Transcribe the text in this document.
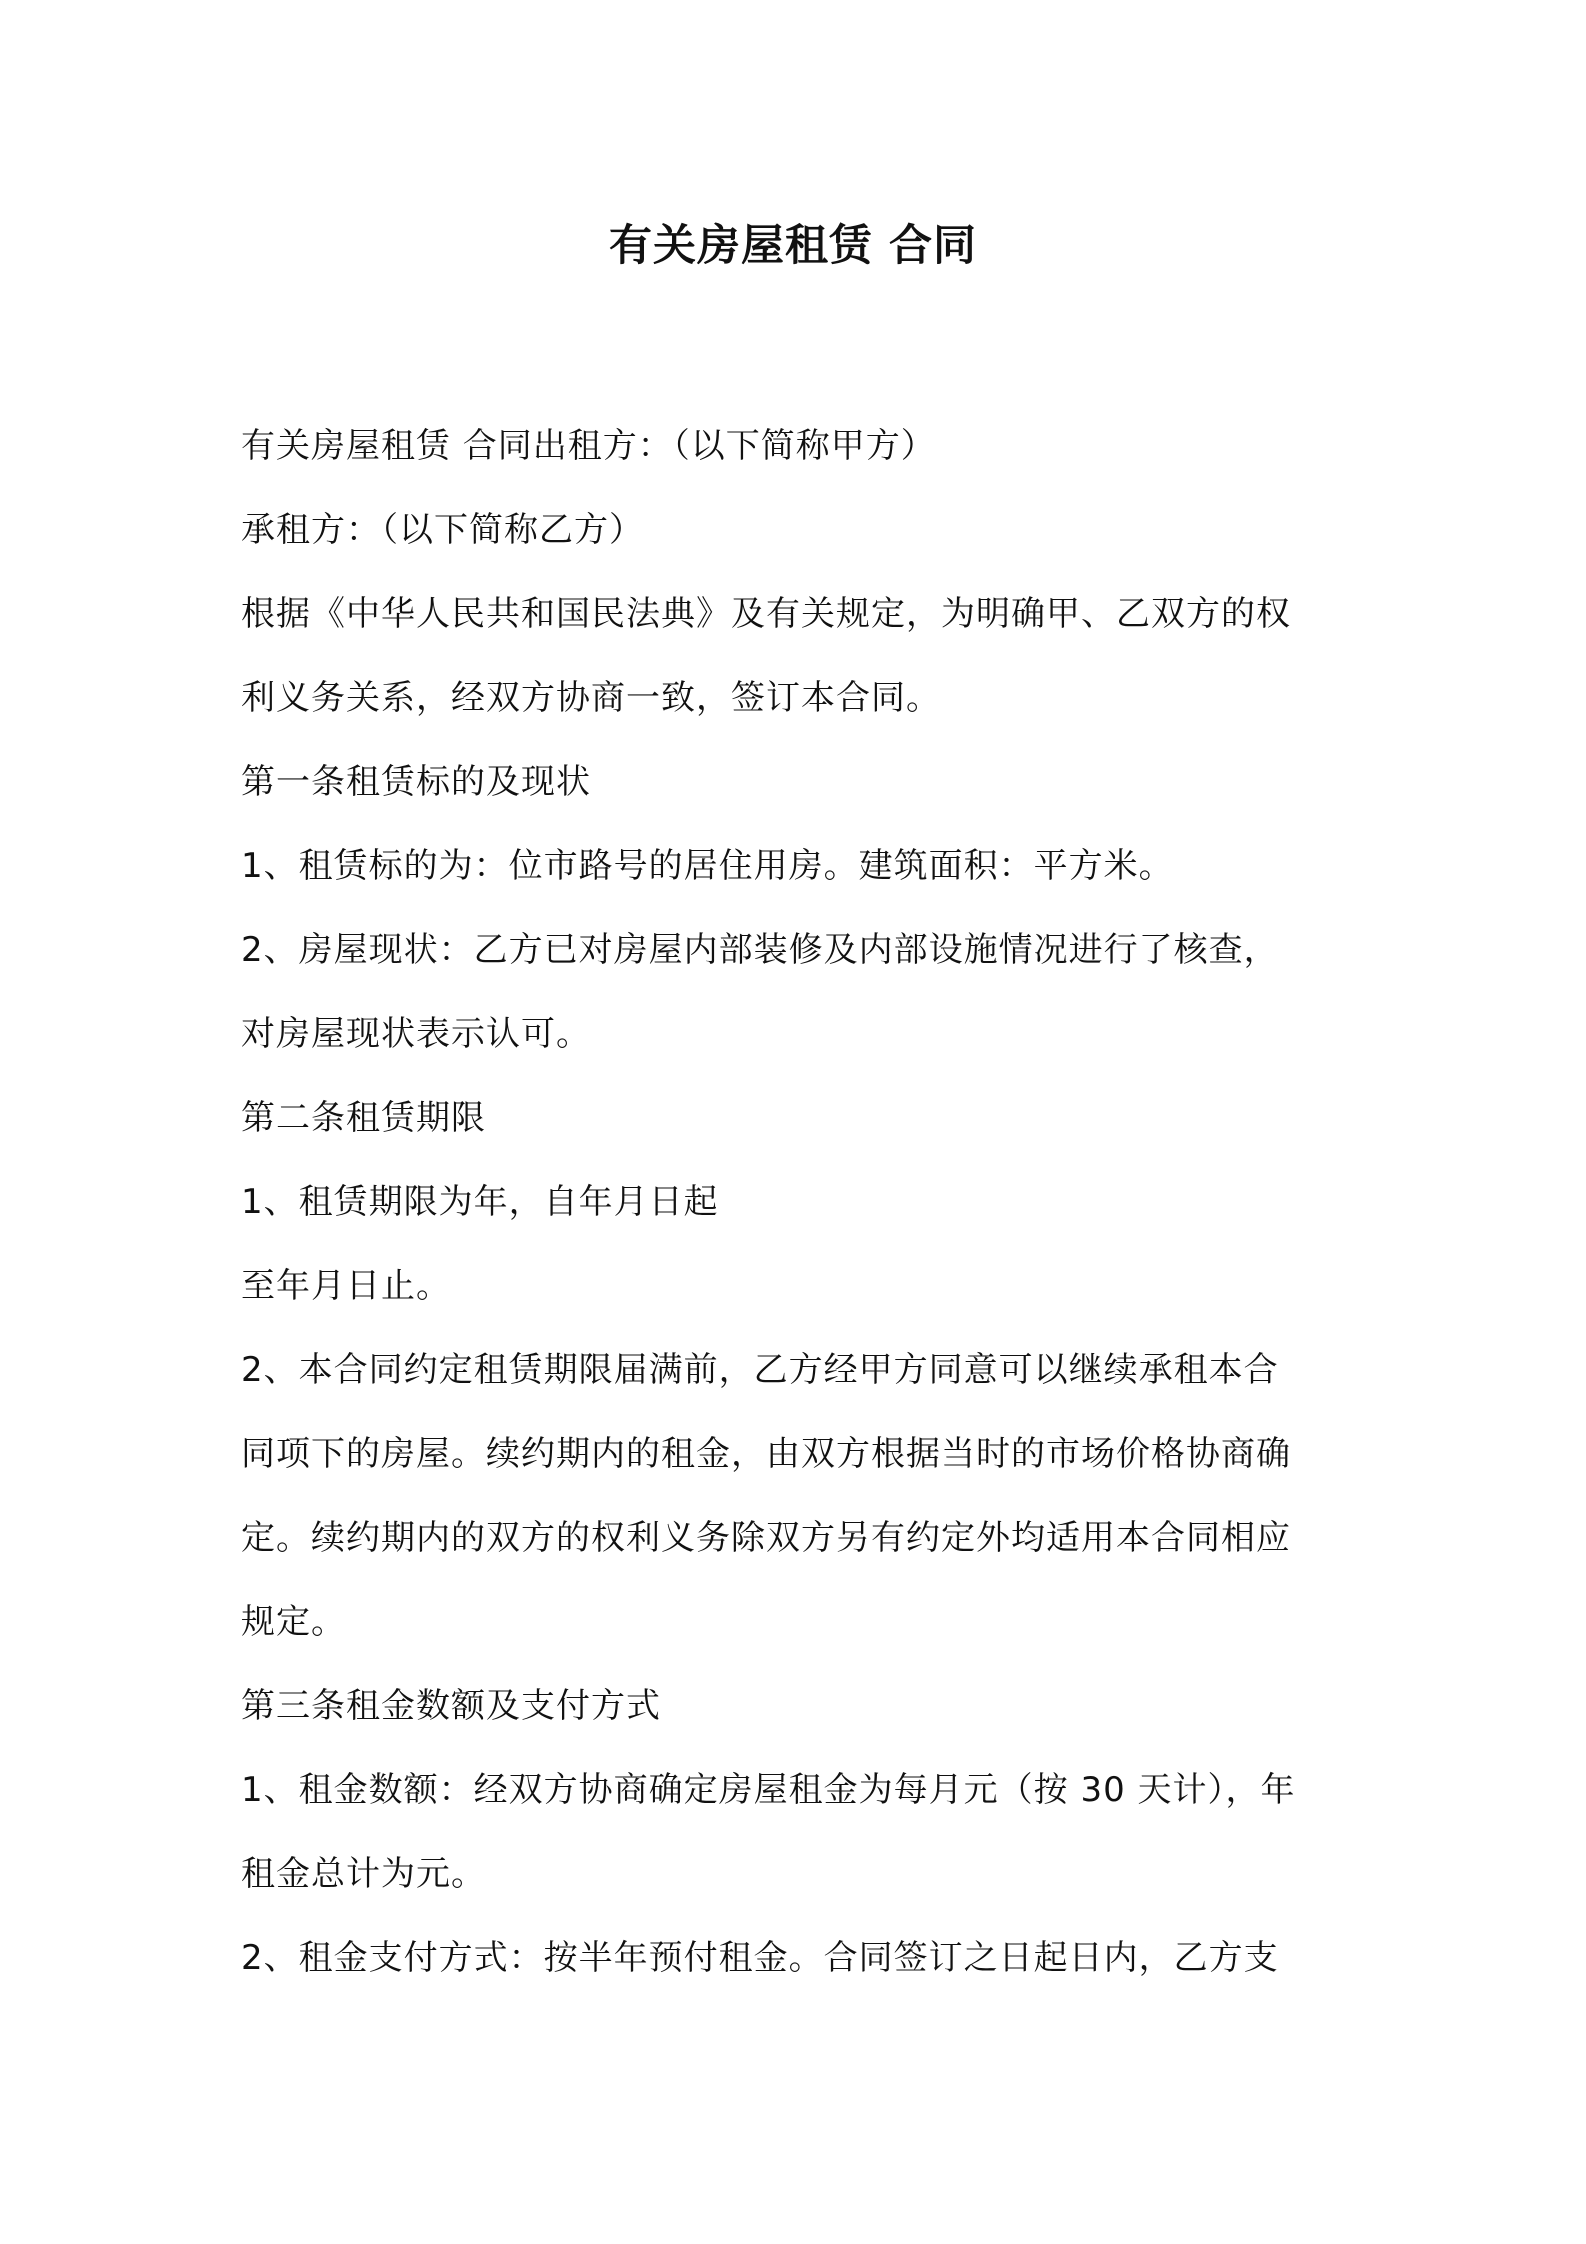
有关房屋租赁 合同
有关房屋租赁 合同出租方：（以下简称甲方）
承租方：（以下简称乙方）
根据《中华人民共和国民法典》及有关规定，为明确甲、乙双方的权
利义务关系，经双方协商一致，签订本合同。
第一条租赁标的及现状
1、租赁标的为：位市路号的居住用房。建筑面积：平方米。
2、房屋现状：乙方已对房屋内部装修及内部设施情况进行了核查，
对房屋现状表示认可。
第二条租赁期限
1、租赁期限为年，自年月日起
至年月日止。
2、本合同约定租赁期限届满前，乙方经甲方同意可以继续承租本合
同项下的房屋。续约期内的租金，由双方根据当时的市场价格协商确
定。续约期内的双方的权利义务除双方另有约定外均适用本合同相应
规定。
第三条租金数额及支付方式
1、租金数额：经双方协商确定房屋租金为每月元（按 30 天计），年
租金总计为元。
2、租金支付方式：按半年预付租金。合同签订之日起日内，乙方支
